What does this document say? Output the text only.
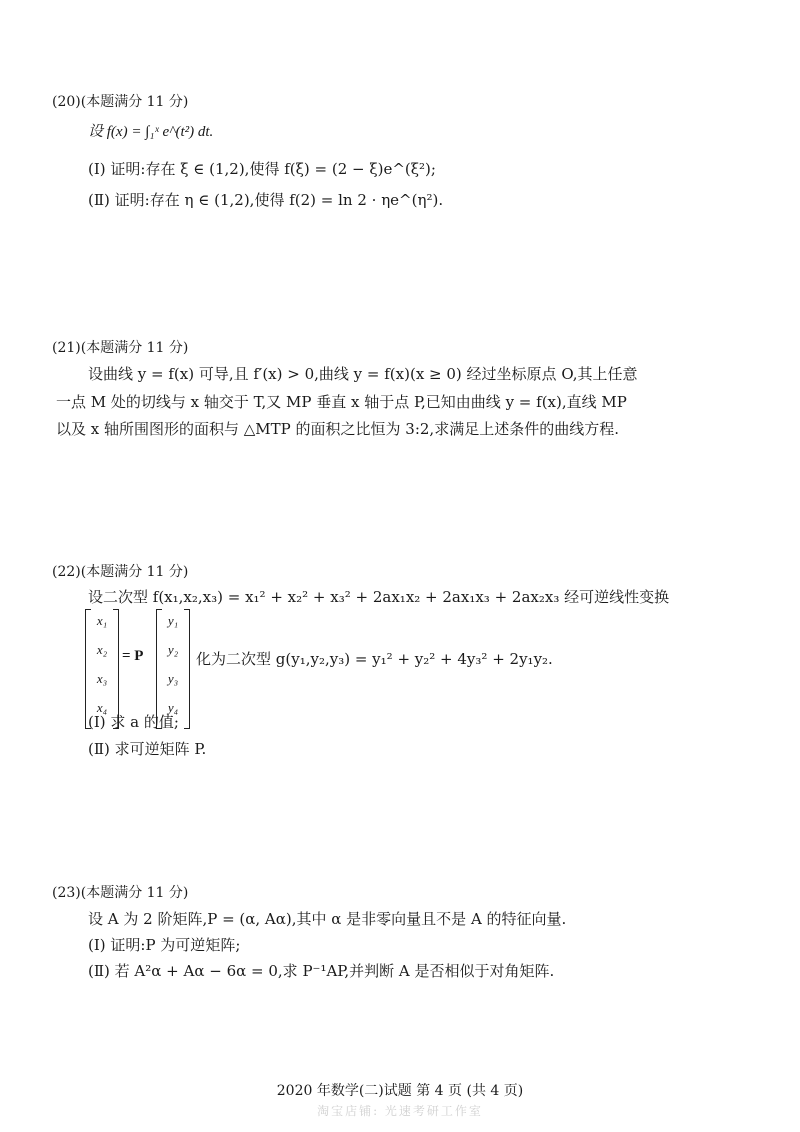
(20)(本题满分 11 分)
设 f(x) = ∫₁ˣ e^(t²) dt.
(Ⅰ) 证明:存在 ξ ∈ (1,2),使得 f(ξ) = (2 − ξ)e^(ξ²);
(Ⅱ) 证明:存在 η ∈ (1,2),使得 f(2) = ln 2 · ηe^(η²).
(21)(本题满分 11 分)
设曲线 y = f(x) 可导,且 f′(x) > 0,曲线 y = f(x)(x ≥ 0) 经过坐标原点 O,其上任意
一点 M 处的切线与 x 轴交于 T,又 MP 垂直 x 轴于点 P,已知由曲线 y = f(x),直线 MP
以及 x 轴所围图形的面积与 △MTP 的面积之比恒为 3:2,求满足上述条件的曲线方程.
(22)(本题满分 11 分)
设二次型 f(x₁,x₂,x₃) = x₁² + x₂² + x₃² + 2ax₁x₂ + 2ax₁x₃ + 2ax₂x₃ 经可逆线性变换
x₁
x₂
x₃
x₄
= P
y₁
y₂
y₃
y₄
化为二次型 g(y₁,y₂,y₃) = y₁² + y₂² + 4y₃² + 2y₁y₂.
(Ⅰ) 求 a 的值;
(Ⅱ) 求可逆矩阵 P.
(23)(本题满分 11 分)
设 A 为 2 阶矩阵,P = (α, Aα),其中 α 是非零向量且不是 A 的特征向量.
(Ⅰ) 证明:P 为可逆矩阵;
(Ⅱ) 若 A²α + Aα − 6α = 0,求 P⁻¹AP,并判断 A 是否相似于对角矩阵.
2020 年数学(二)试题 第 4 页 (共 4 页)
淘宝店铺: 光速考研工作室
